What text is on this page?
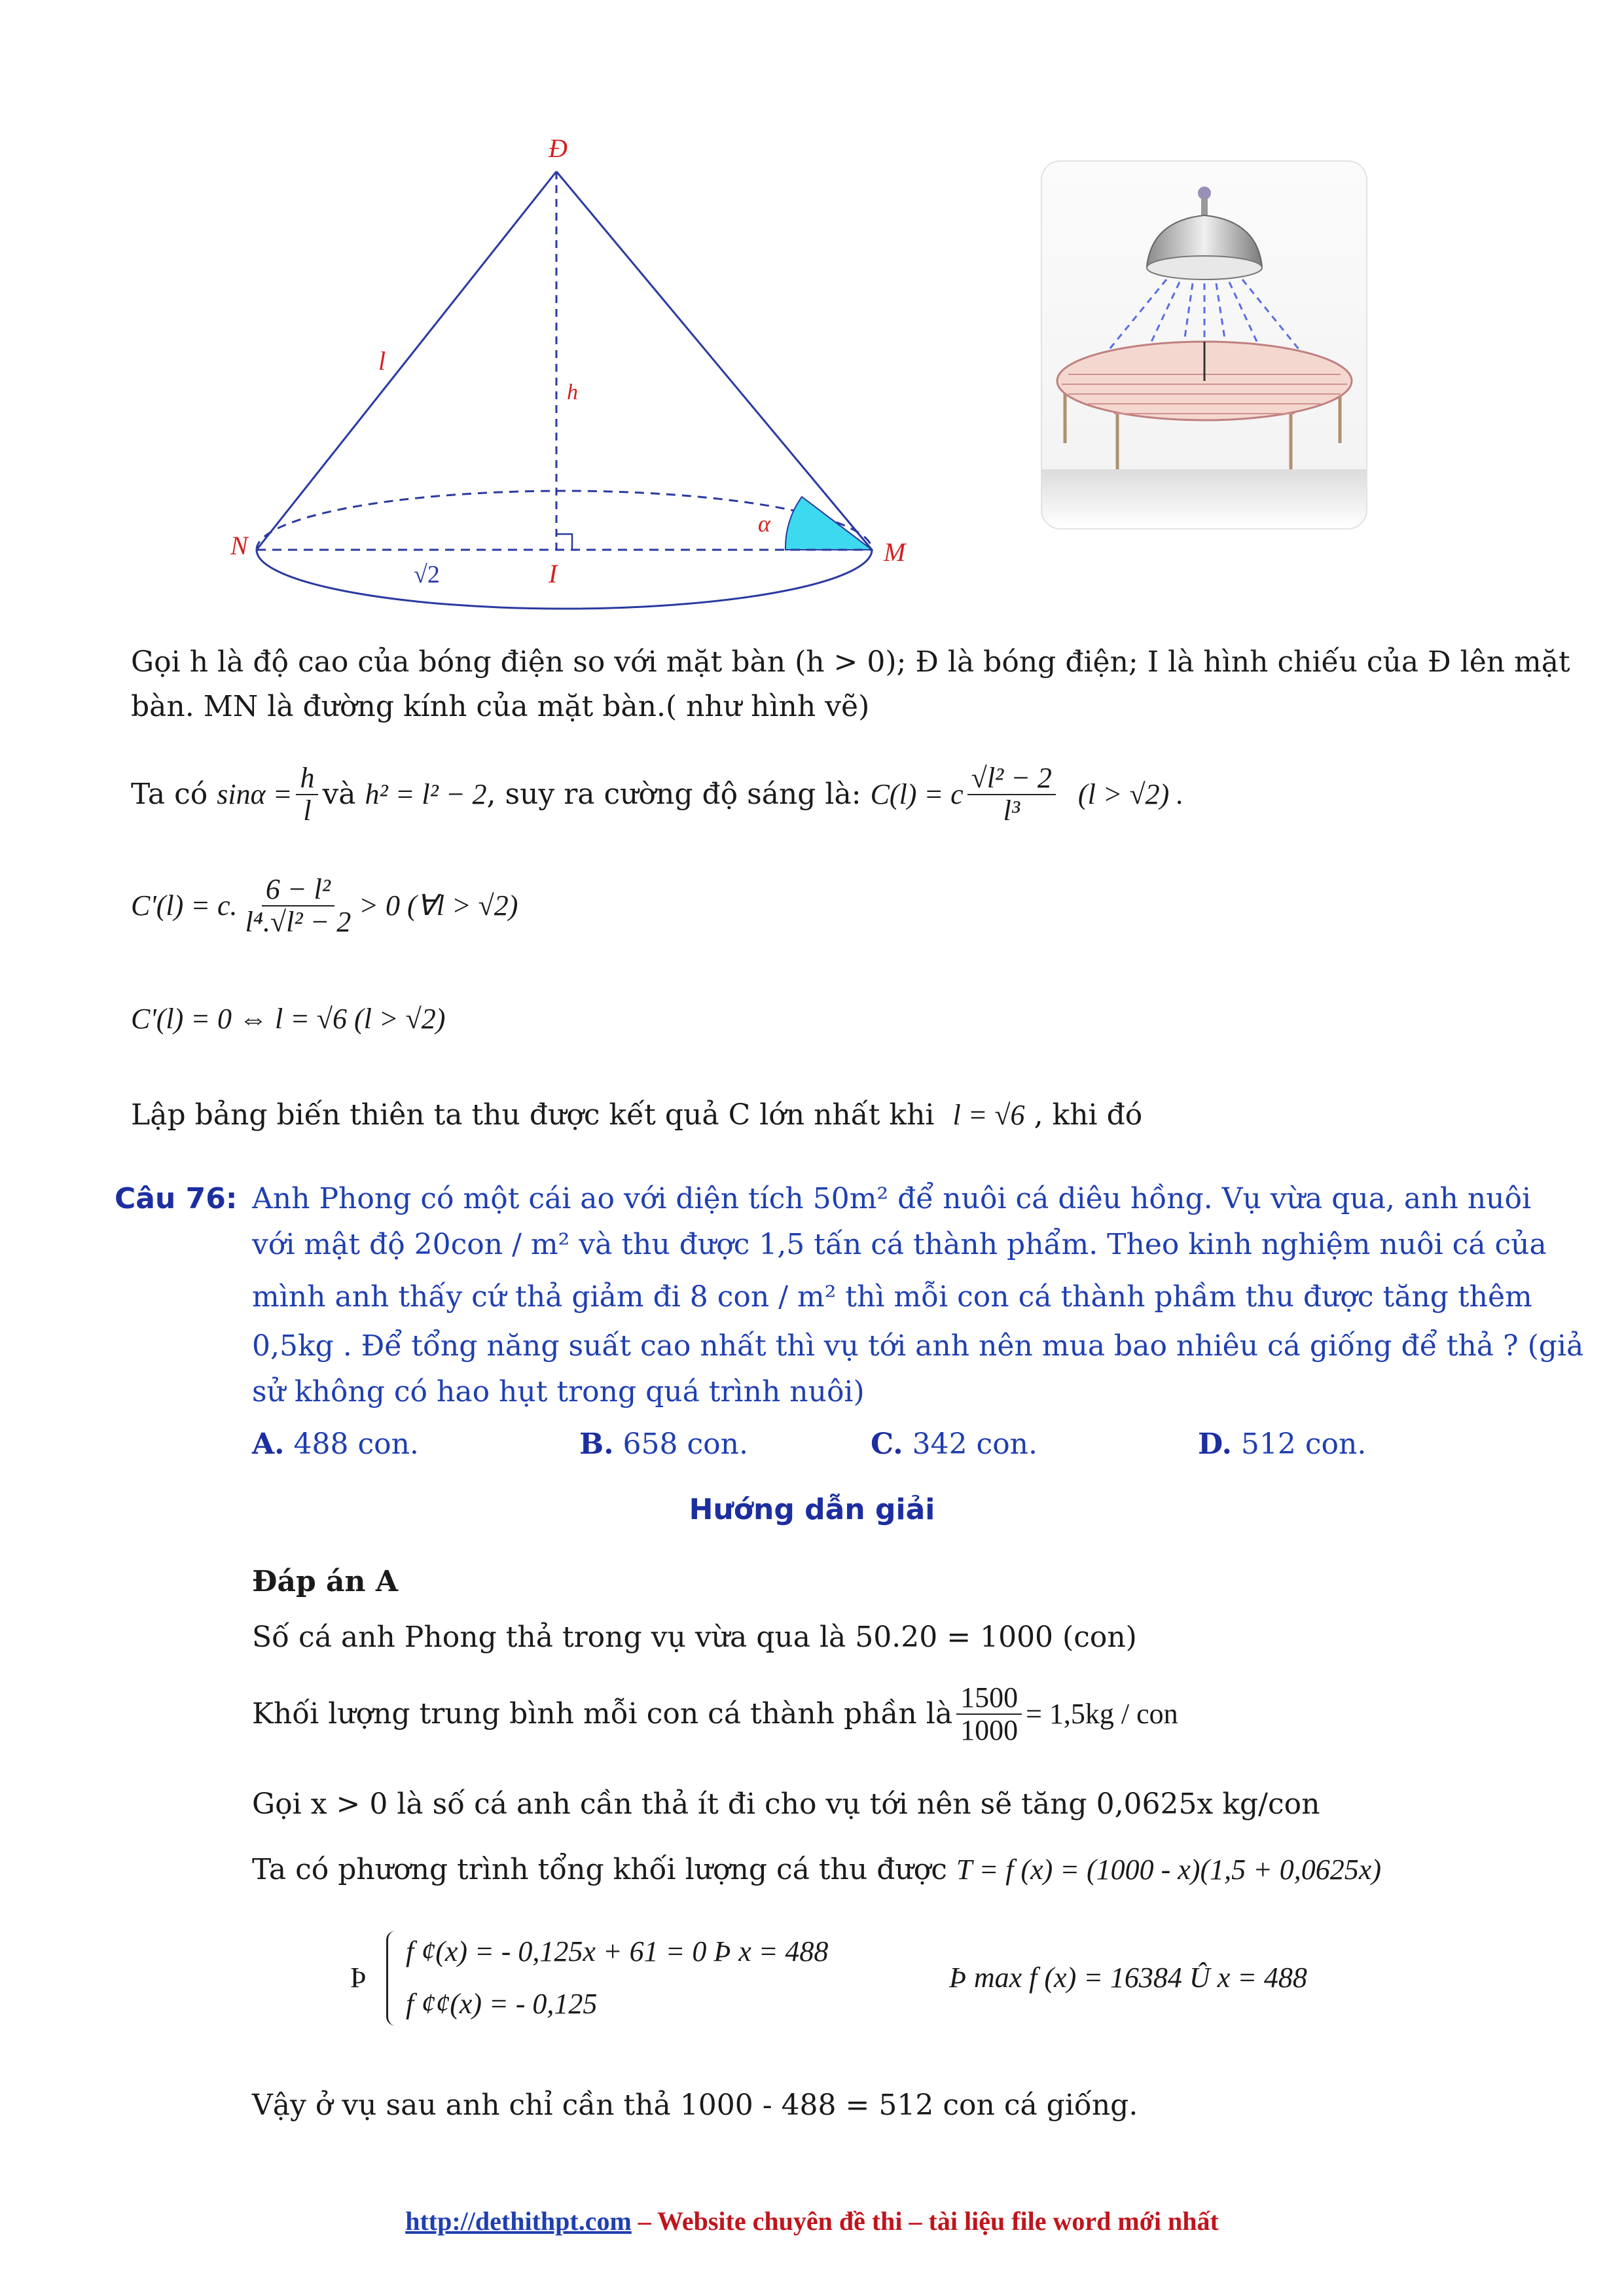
Đ
N	M
I
l
h
α
√2
Gọi h là độ cao của bóng điện so với mặt bàn (h > 0); Đ là bóng điện; I là hình chiếu của Đ lên mặt
bàn. MN là đường kính của mặt bàn.( như hình vẽ)
Ta có
$\sin\alpha = \frac{h}{l}$ và
h² = l² − 2 , suy ra cường độ sáng là:
C(l) = c $\frac{\text{√l² − 2}}{\text{l³}}$
(l > √2) .
C'(l) = c. $\frac{\text{6 − l²}}{\text{l⁴.√l² − 2}} > 0$ (∀l > √2)
C'(l) = 0 ⇔ l = √6 (l > √2)
Lập bảng biến thiên ta thu được kết quả C lớn nhất khi l = √6 , khi đó
Câu 76: Anh Phong có một cái ao với diện tích 50m² để nuôi cá diêu hồng. Vụ vừa qua, anh nuôi
với mật độ 20con / m² và thu được 1,5 tấn cá thành phẩm. Theo kinh nghiệm nuôi cá của
mình anh thấy cứ thả giảm đi 8 con / m² thì mỗi con cá thành phầm thu được tăng thêm
0,5kg . Để tổng năng suất cao nhất thì vụ tới anh nên mua bao nhiêu cá giống để thả ? (giả
sử không có hao hụt trong quá trình nuôi)
A. 488 con.	B. 658 con.	C. 342 con.	D. 512 con.
Hướng dẫn giải
Đáp án A
Số cá anh Phong thả trong vụ vừa qua là 50.20 = 1000 (con)
Khối lượng trung bình mỗi con cá thành phần là $\frac{1500}{1000} = 1,5kg$ / con
Gọi x > 0 là số cá anh cần thả ít đi cho vụ tới nên sẽ tăng 0,0625x kg/con
Ta có phương trình tổng khối lượng cá thu được T = f (x) = (1000 - x)(1,5 + 0,0625x)
Þ
f ¢(x) = - 0,125x + 61 = 0 Þ x = 488
f ¢¢(x) = - 0,125
Þ max f (x) = 16384 Û x = 488
Vậy ở vụ sau anh chỉ cần thả 1000 - 488 = 512 con cá giống.
http://dethithpt.com – Website chuyên đề thi – tài liệu file word mới nhất
